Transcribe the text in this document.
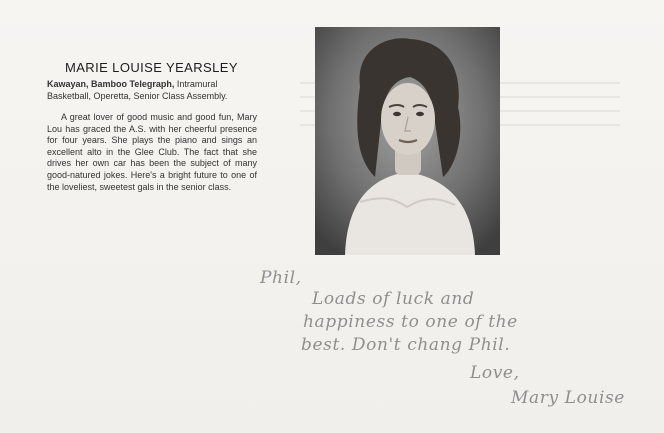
MARIE LOUISE YEARSLEY

Kawayan, Bamboo Telegraph, Intramural Basketball, Operetta, Senior Class Assembly.

A great lover of good music and good fun, Mary Lou has graced the A.S. with her cheerful presence for four years. She plays the piano and sings an excellent alto in the Glee Club. The fact that she drives her own car has been the subject of many good-natured jokes. Here's a bright future to one of the loveliest, sweetest gals in the senior class.

Phil,
Loads of luck and
happiness to one of the
best. Don't chang Phil.
Love,
Mary Louise
